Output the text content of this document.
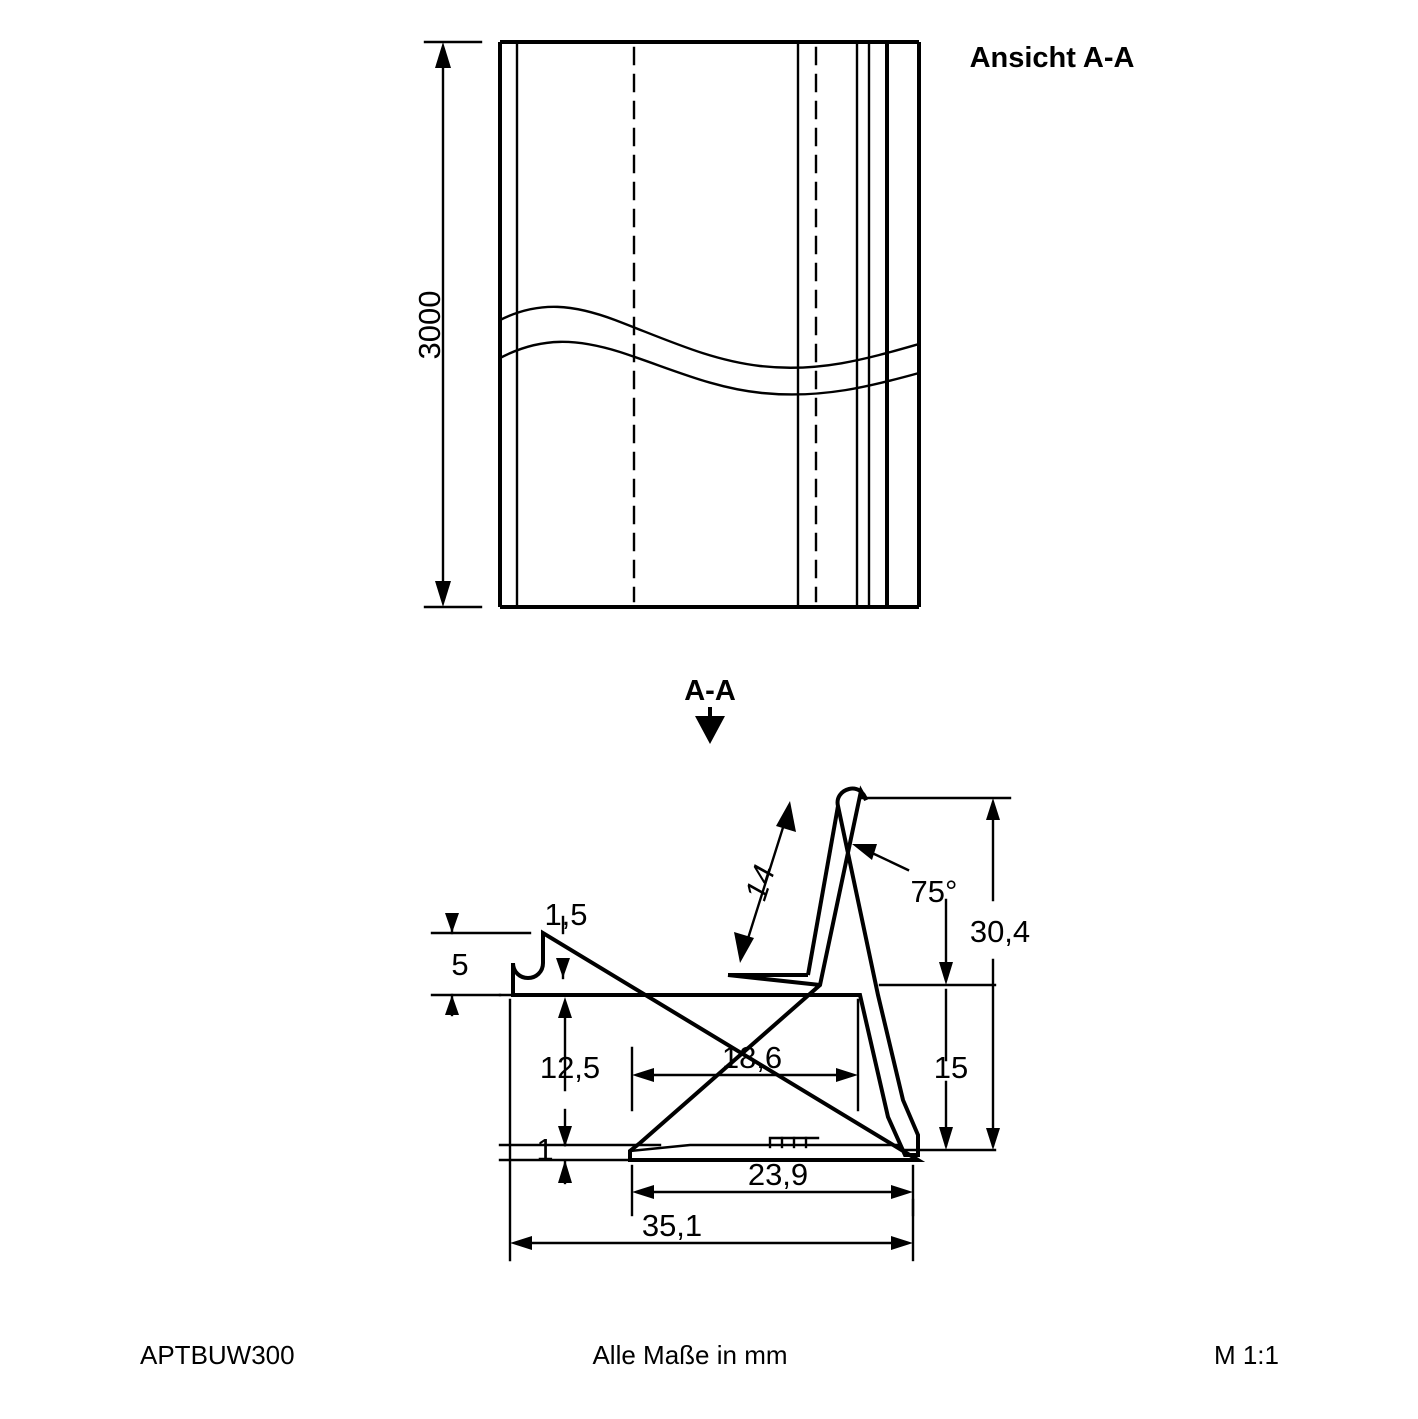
3000
Ansicht A-A
A-A
5
1,5
12,5
1
18,6
23,9
35,1
14	75°
15
30,4
APTBUW300	Alle Maße in mm	M 1:1
